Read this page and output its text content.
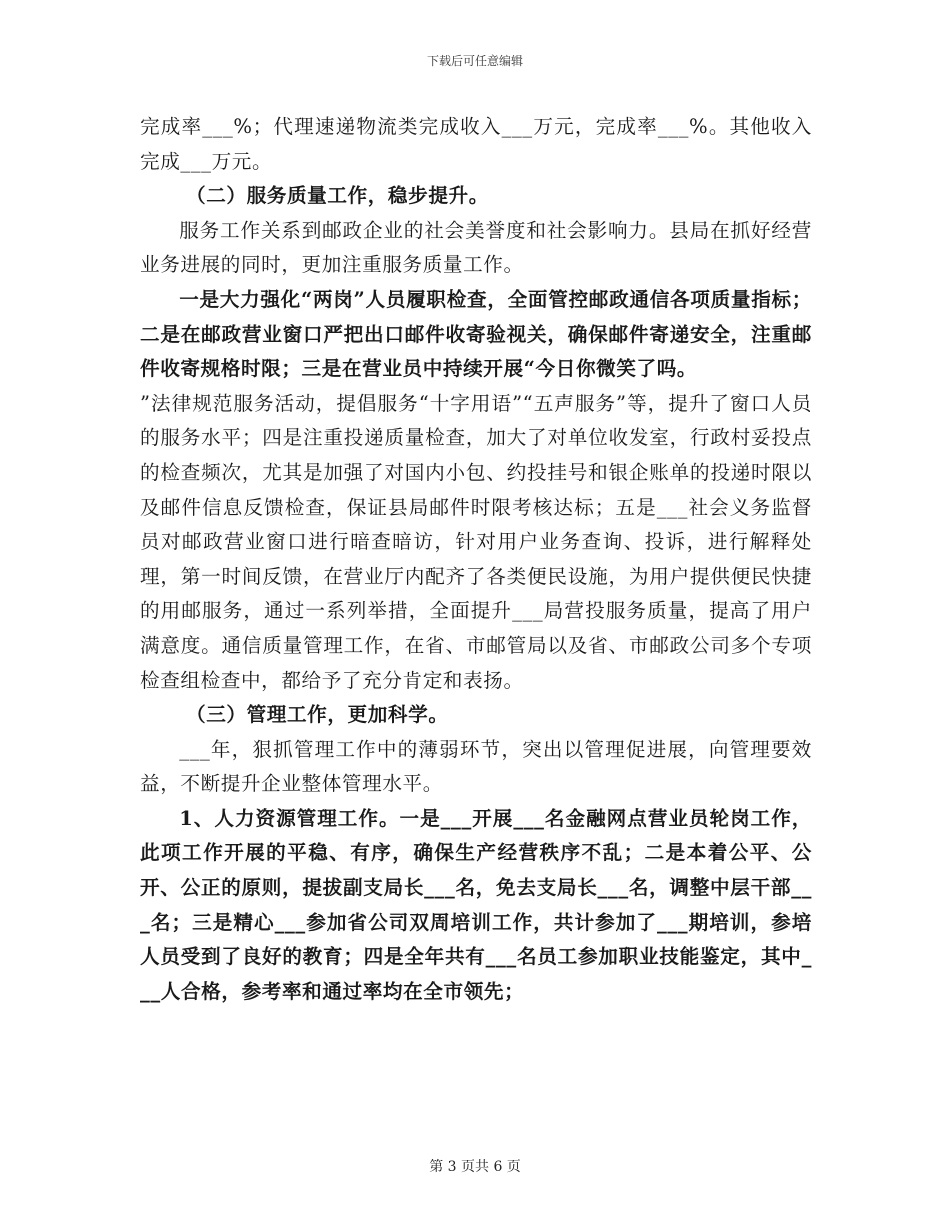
下载后可任意编辑

完成率___%；代理速递物流类完成收入___万元，完成率___%。其他收入完成___万元。

（二）服务质量工作，稳步提升。

服务工作关系到邮政企业的社会美誉度和社会影响力。县局在抓好经营业务进展的同时，更加注重服务质量工作。

一是大力强化“两岗”人员履职检查，全面管控邮政通信各项质量指标；二是在邮政营业窗口严把出口邮件收寄验视关，确保邮件寄递安全，注重邮件收寄规格时限；三是在营业员中持续开展“今日你微笑了吗。

”法律规范服务活动，提倡服务“十字用语”“五声服务”等，提升了窗口人员的服务水平；四是注重投递质量检查，加大了对单位收发室，行政村妥投点的检查频次，尤其是加强了对国内小包、约投挂号和银企账单的投递时限以及邮件信息反馈检查，保证县局邮件时限考核达标；五是___社会义务监督员对邮政营业窗口进行暗查暗访，针对用户业务查询、投诉，进行解释处理，第一时间反馈，在营业厅内配齐了各类便民设施，为用户提供便民快捷的用邮服务，通过一系列举措，全面提升___局营投服务质量，提高了用户满意度。通信质量管理工作，在省、市邮管局以及省、市邮政公司多个专项检查组检查中，都给予了充分肯定和表扬。

（三）管理工作，更加科学。

___年，狠抓管理工作中的薄弱环节，突出以管理促进展，向管理要效益，不断提升企业整体管理水平。

1、人力资源管理工作。一是___开展___名金融网点营业员轮岗工作，此项工作开展的平稳、有序，确保生产经营秩序不乱；二是本着公平、公开、公正的原则，提拔副支局长___名，免去支局长___名，调整中层干部___名；三是精心___参加省公司双周培训工作，共计参加了___期培训，参培人员受到了良好的教育；四是全年共有___名员工参加职业技能鉴定，其中___人合格，参考率和通过率均在全市领先；

第 3 页共 6 页
